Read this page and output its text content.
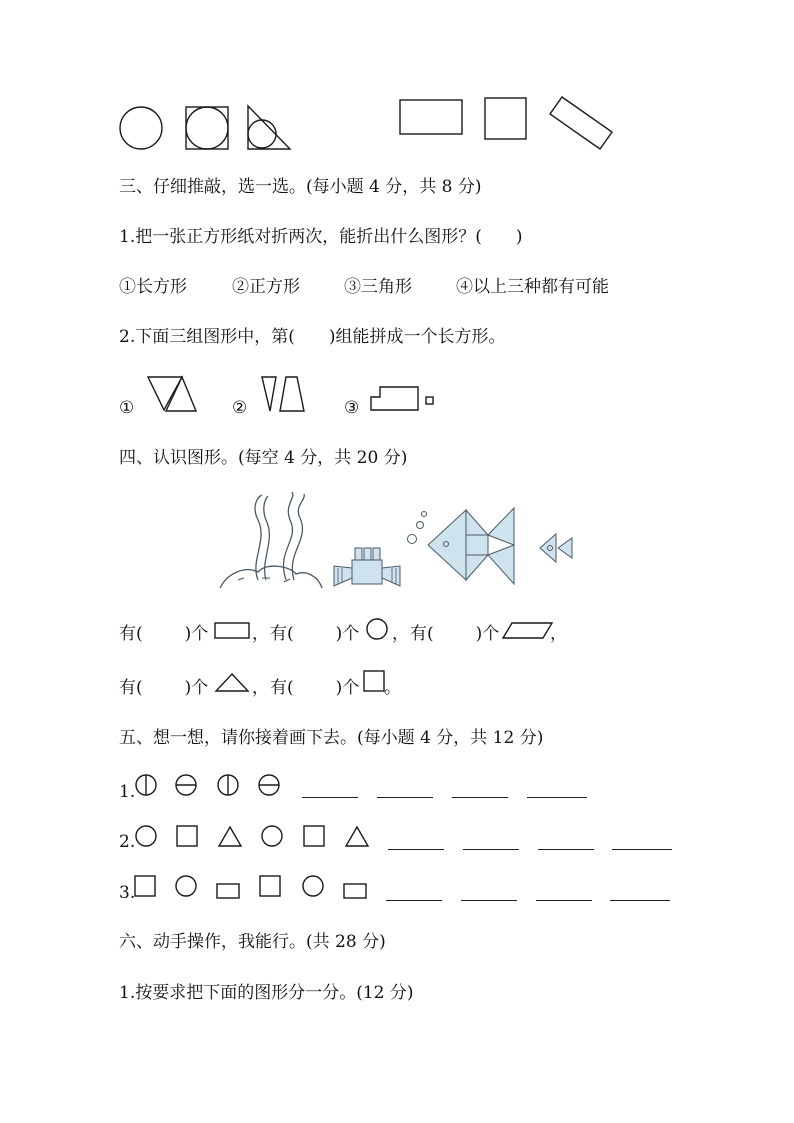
三、仔细推敲，选一选。(每小题 4 分，共 8 分)
1.把一张正方形纸对折两次，能折出什么图形？(　　)
①长方形	②正方形	③三角形	④以上三种都有可能
2.下面三组图形中，第(　　)组能拼成一个长方形。
①	②	③
四、认识图形。(每空 4 分，共 20 分)
有( )个	， 有( )个 ， 有( )个	，
有( )个	， 有( )个 。
五、想一想，请你接着画下去。(每小题 4 分，共 12 分)
1.
2.
3.
六、动手操作，我能行。(共 28 分)
1.按要求把下面的图形分一分。(12 分)
